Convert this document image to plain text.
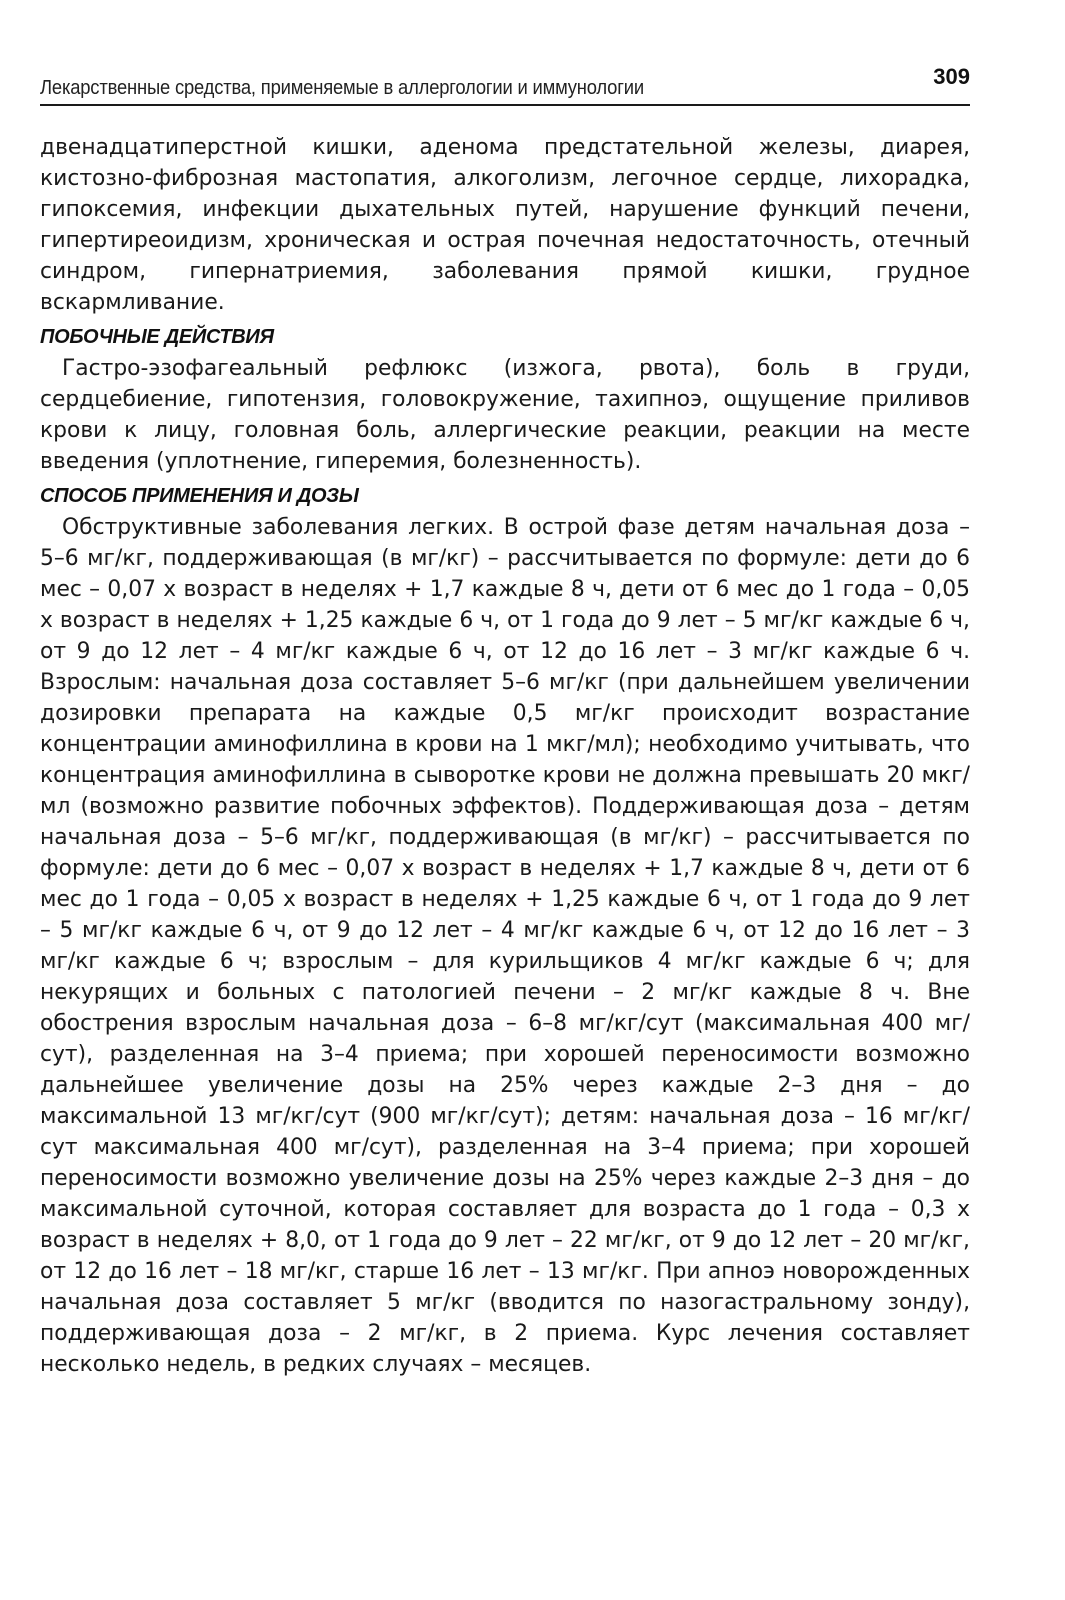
Лекарственные средства, применяемые в аллергологии и иммунологии	309

двенадцатиперстной кишки, аденома предстательной железы, диарея, кистозно-фиброзная мастопатия, алкоголизм, легочное сердце, лихорадка, гипоксемия, инфекции дыхательных путей, нарушение функций печени, гипертиреоидизм, хроническая и острая почечная недостаточность, отечный синдром, гипернатриемия, заболевания прямой кишки, грудное вскармливание.

ПОБОЧНЫЕ ДЕЙСТВИЯ

Гастро-эзофагеальный рефлюкс (изжога, рвота), боль в груди, сердцебиение, гипотензия, головокружение, тахипноэ, ощущение приливов крови к лицу, головная боль, аллергические реакции, реакции на месте введения (уплотнение, гиперемия, болезненность).

СПОСОБ ПРИМЕНЕНИЯ И ДОЗЫ

Обструктивные заболевания легких. В острой фазе детям начальная доза – 5–6 мг/кг, поддерживающая (в мг/кг) – рассчитывается по формуле: дети до 6 мес – 0,07 х возраст в неделях + 1,7 каждые 8 ч, дети от 6 мес до 1 года – 0,05 х возраст в неделях + 1,25 каждые 6 ч, от 1 года до 9 лет – 5 мг/кг каждые 6 ч, от 9 до 12 лет – 4 мг/кг каждые 6 ч, от 12 до 16 лет – 3 мг/кг каждые 6 ч. Взрослым: начальная доза составляет 5–6 мг/кг (при дальнейшем увеличении дозировки препарата на каждые 0,5 мг/кг происходит возрастание концентрации аминофиллина в крови на 1 мкг/мл); необходимо учитывать, что концентрация аминофиллина в сыворотке крови не должна превышать 20 мкг/мл (возможно развитие побочных эффектов). Поддерживающая доза – детям начальная доза – 5–6 мг/кг, поддерживающая (в мг/кг) – рассчитывается по формуле: дети до 6 мес – 0,07 х возраст в неделях + 1,7 каждые 8 ч, дети от 6 мес до 1 года – 0,05 х возраст в неделях + 1,25 каждые 6 ч, от 1 года до 9 лет – 5 мг/кг каждые 6 ч, от 9 до 12 лет – 4 мг/кг каждые 6 ч, от 12 до 16 лет – 3 мг/кг каждые 6 ч; взрослым – для курильщиков 4 мг/кг каждые 6 ч; для некурящих и больных с патологией печени – 2 мг/кг каждые 8 ч. Вне обострения взрослым начальная доза – 6–8 мг/кг/сут (максимальная 400 мг/сут), разделенная на 3–4 приема; при хорошей переносимости возможно дальнейшее увеличение дозы на 25% через каждые 2–3 дня – до максимальной 13 мг/кг/сут (900 мг/кг/сут); детям: начальная доза – 16 мг/кг/сут максимальная 400 мг/сут), разделенная на 3–4 приема; при хорошей переносимости возможно увеличение дозы на 25% через каждые 2–3 дня – до максимальной суточной, которая составляет для возраста до 1 года – 0,3 х возраст в неделях + 8,0, от 1 года до 9 лет – 22 мг/кг, от 9 до 12 лет – 20 мг/кг, от 12 до 16 лет – 18 мг/кг, старше 16 лет – 13 мг/кг. При апноэ новорожденных начальная доза составляет 5 мг/кг (вводится по назогастральному зонду), поддерживающая доза – 2 мг/кг, в 2 приема. Курс лечения составляет несколько недель, в редких случаях – месяцев.
